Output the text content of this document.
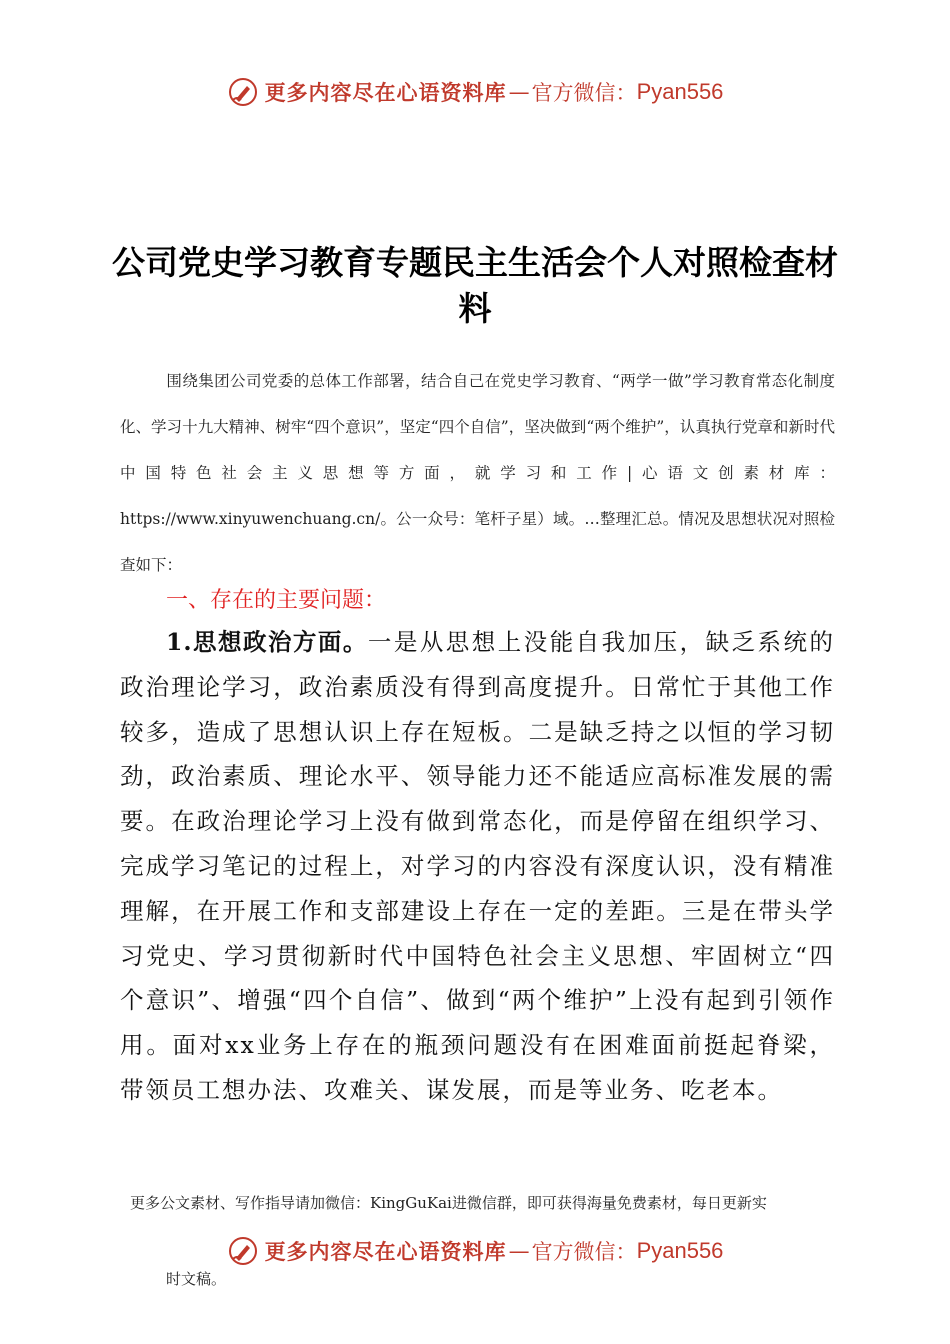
更多内容尽在心语资料库 — 官方微信： Pyan556
公司党史学习教育专题民主生活会个人对照检查材料
围绕集团公司党委的总体工作部署，结合自己在党史学习教育、“两学一做”学习教育常态化制度化、学习十九大精神、树牢“四个意识”，坚定“四个自信”，坚决做到“两个维护”，认真执行党章和新时代中国特色社会主义思想等方面，就学习和工作|心语文创素材库：https://www.xinyuwenchuang.cn/。公一众号：笔杆子星）域。…整理汇总。情况及思想状况对照检查如下：
一、存在的主要问题：
1.思想政治方面。一是从思想上没能自我加压，缺乏系统的政治理论学习，政治素质没有得到高度提升。日常忙于其他工作较多，造成了思想认识上存在短板。二是缺乏持之以恒的学习韧劲，政治素质、理论水平、领导能力还不能适应高标准发展的需要。在政治理论学习上没有做到常态化，而是停留在组织学习、完成学习笔记的过程上，对学习的内容没有深度认识，没有精准理解，在开展工作和支部建设上存在一定的差距。三是在带头学习党史、学习贯彻新时代中国特色社会主义思想、牢固树立“四个意识”、增强“四个自信”、做到“两个维护”上没有起到引领作用。面对xx业务上存在的瓶颈问题没有在困难面前挺起脊梁，带领员工想办法、攻难关、谋发展，而是等业务、吃老本。
更多公文素材、写作指导请加微信：KingGuKai进微信群，即可获得海量免费素材，每日更新实
更多内容尽在心语资料库 — 官方微信： Pyan556
时文稿。
